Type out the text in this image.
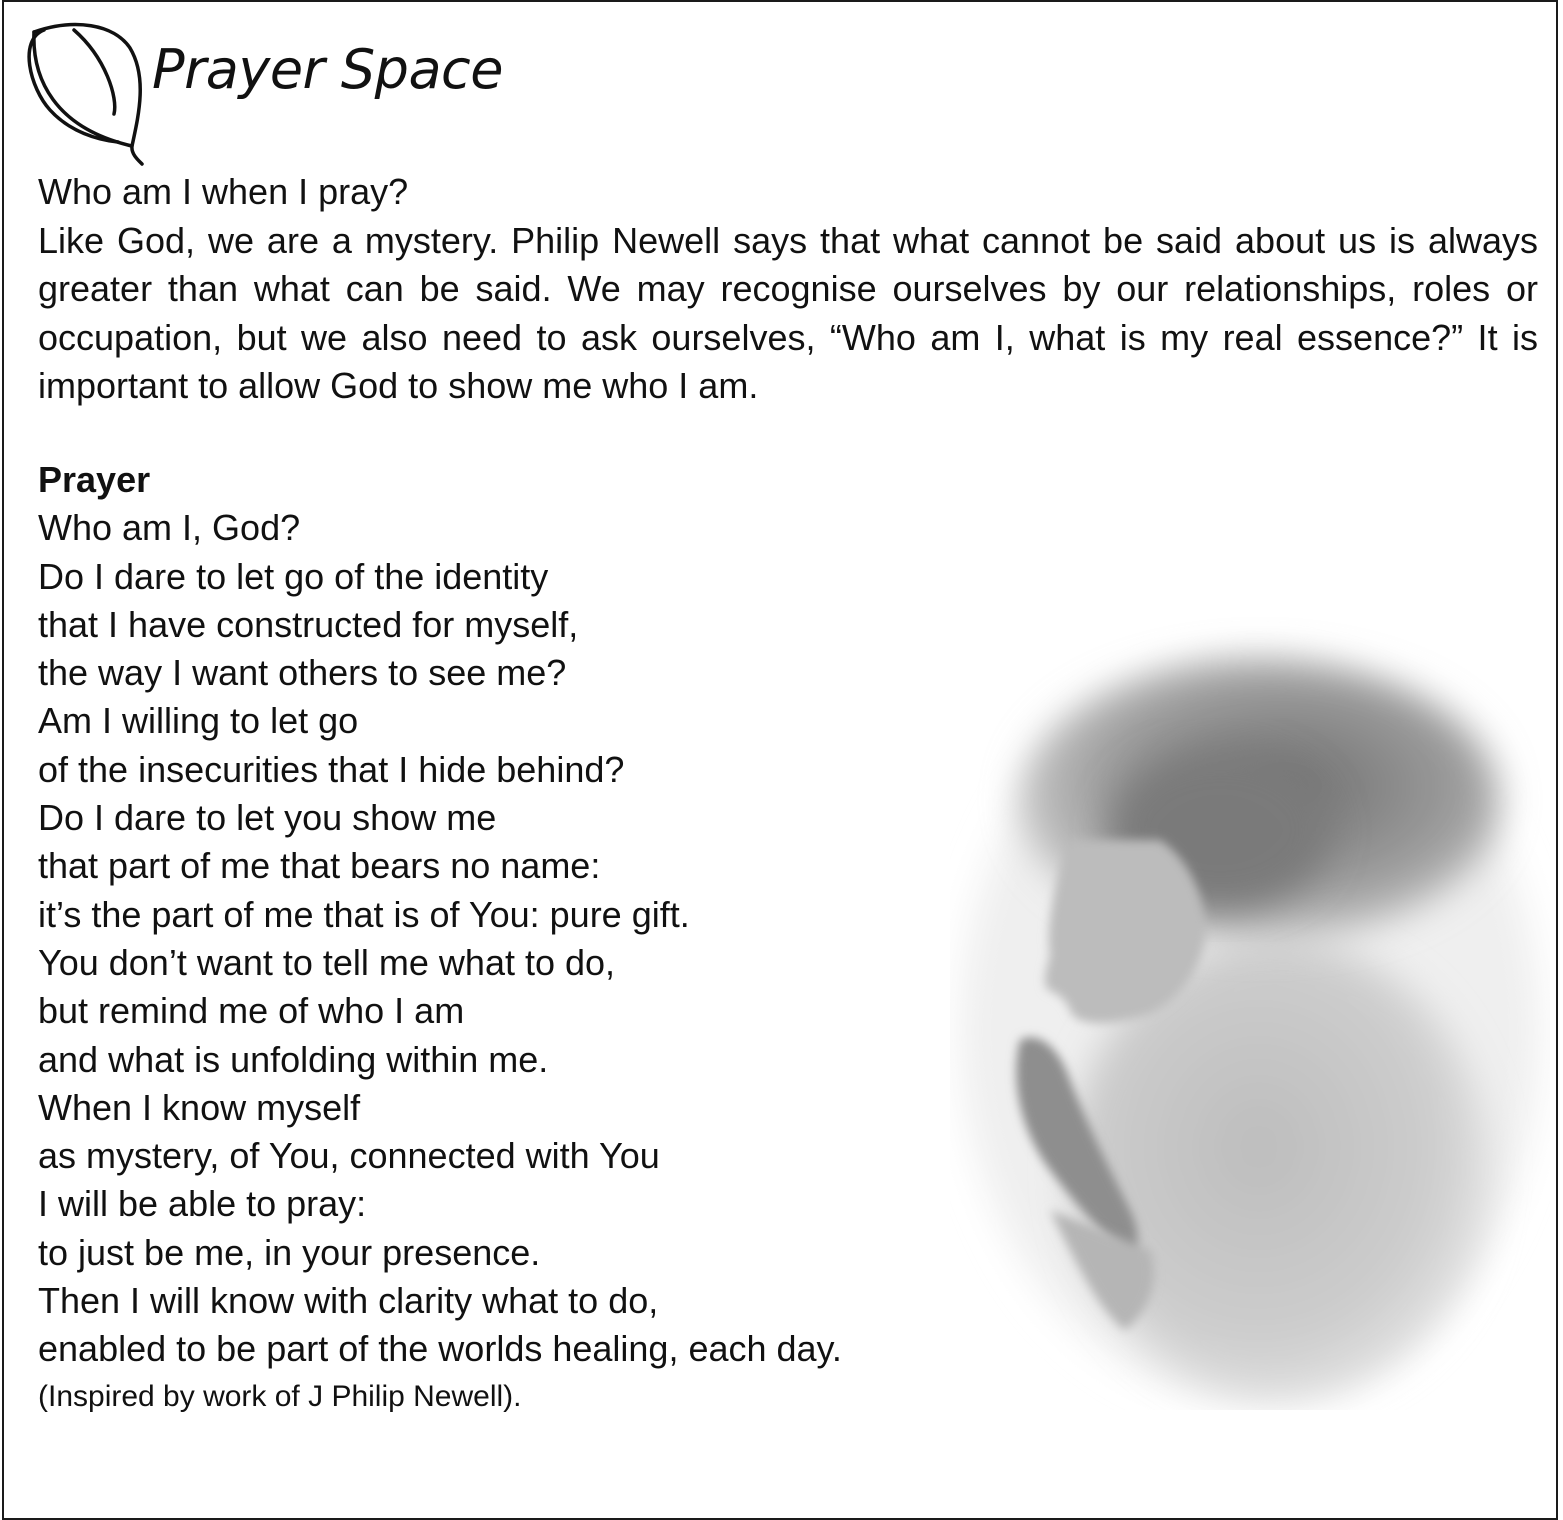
Prayer Space
Who am I when I pray?
Like God, we are a mystery. Philip Newell says that what cannot be said about us is always greater than what can be said. We may recognise ourselves by our relationships, roles or occupation, but we also need to ask ourselves, “Who am I, what is my real essence?” It is important to allow God to show me who I am.
Prayer
Who am I, God?
Do I dare to let go of the identity
that I have constructed for myself,
the way I want others to see me?
Am I willing to let go
of the insecurities that I hide behind?
Do I dare to let you show me
that part of me that bears no name:
it’s the part of me that is of You: pure gift.
You don’t want to tell me what to do,
but remind me of who I am
and what is unfolding within me.
When I know myself
as mystery, of You, connected with You
I will be able to pray:
to just be me, in your presence.
Then I will know with clarity what to do,
enabled to be part of the worlds healing, each day.
(Inspired by work of J Philip Newell).
